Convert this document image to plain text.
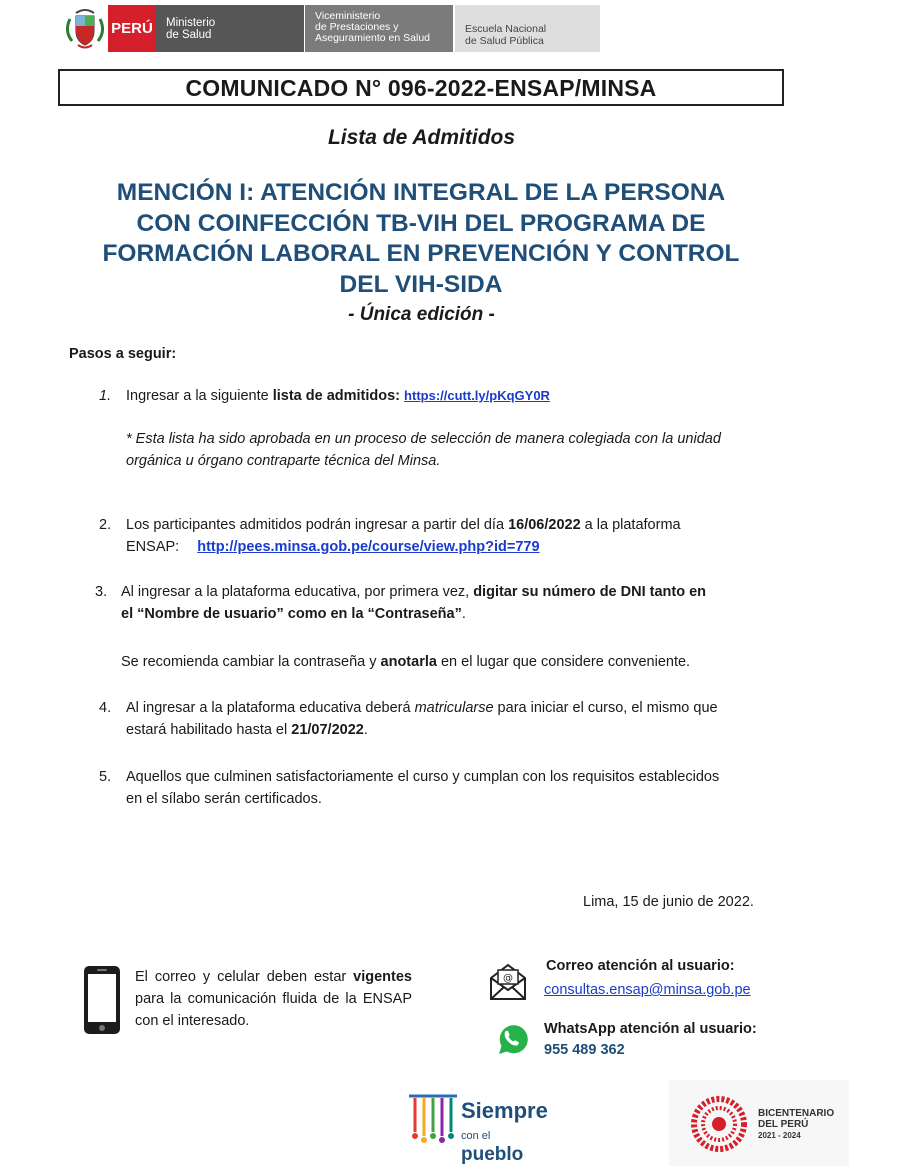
PERÚ Ministerio
de Salud
Viceministerio
de Prestaciones y
Aseguramiento en Salud
Escuela Nacional
de Salud Pública
COMUNICADO N° 096-2022-ENSAP/MINSA
Lista de Admitidos
MENCIÓN I: ATENCIÓN INTEGRAL DE LA PERSONA
CON COINFECCIÓN TB-VIH DEL PROGRAMA DE
FORMACIÓN LABORAL EN PREVENCIÓN Y CONTROL
DEL VIH-SIDA
- Única edición -
Pasos a seguir:
1. Ingresar a la siguiente lista de admitidos: https://cutt.ly/pKqGY0R
* Esta lista ha sido aprobada en un proceso de selección de manera colegiada con la unidad
orgánica u órgano contraparte técnica del Minsa.
2. Los participantes admitidos podrán ingresar a partir del día 16/06/2022 a la plataforma
ENSAP: http://pees.minsa.gob.pe/course/view.php?id=779
3. Al ingresar a la plataforma educativa, por primera vez, digitar su número de DNI tanto en
el “Nombre de usuario” como en la “Contraseña”.
Se recomienda cambiar la contraseña y anotarla en el lugar que considere conveniente.
4. Al ingresar a la plataforma educativa deberá matricularse para iniciar el curso, el mismo que
estará habilitado hasta el 21/07/2022.
5. Aquellos que culminen satisfactoriamente el curso y cumplan con los requisitos establecidos
en el sílabo serán certificados.
Lima, 15 de junio de 2022.
El correo y celular deben estar vigentes para la comunicación fluida de la ENSAP con el interesado.
@
Correo atención al usuario:
consultas.ensap@minsa.gob.pe
WhatsApp atención al usuario:
955 489 362
Siempre
con el pueblo
BICENTENARIO
DEL PERÚ
2021 - 2024
